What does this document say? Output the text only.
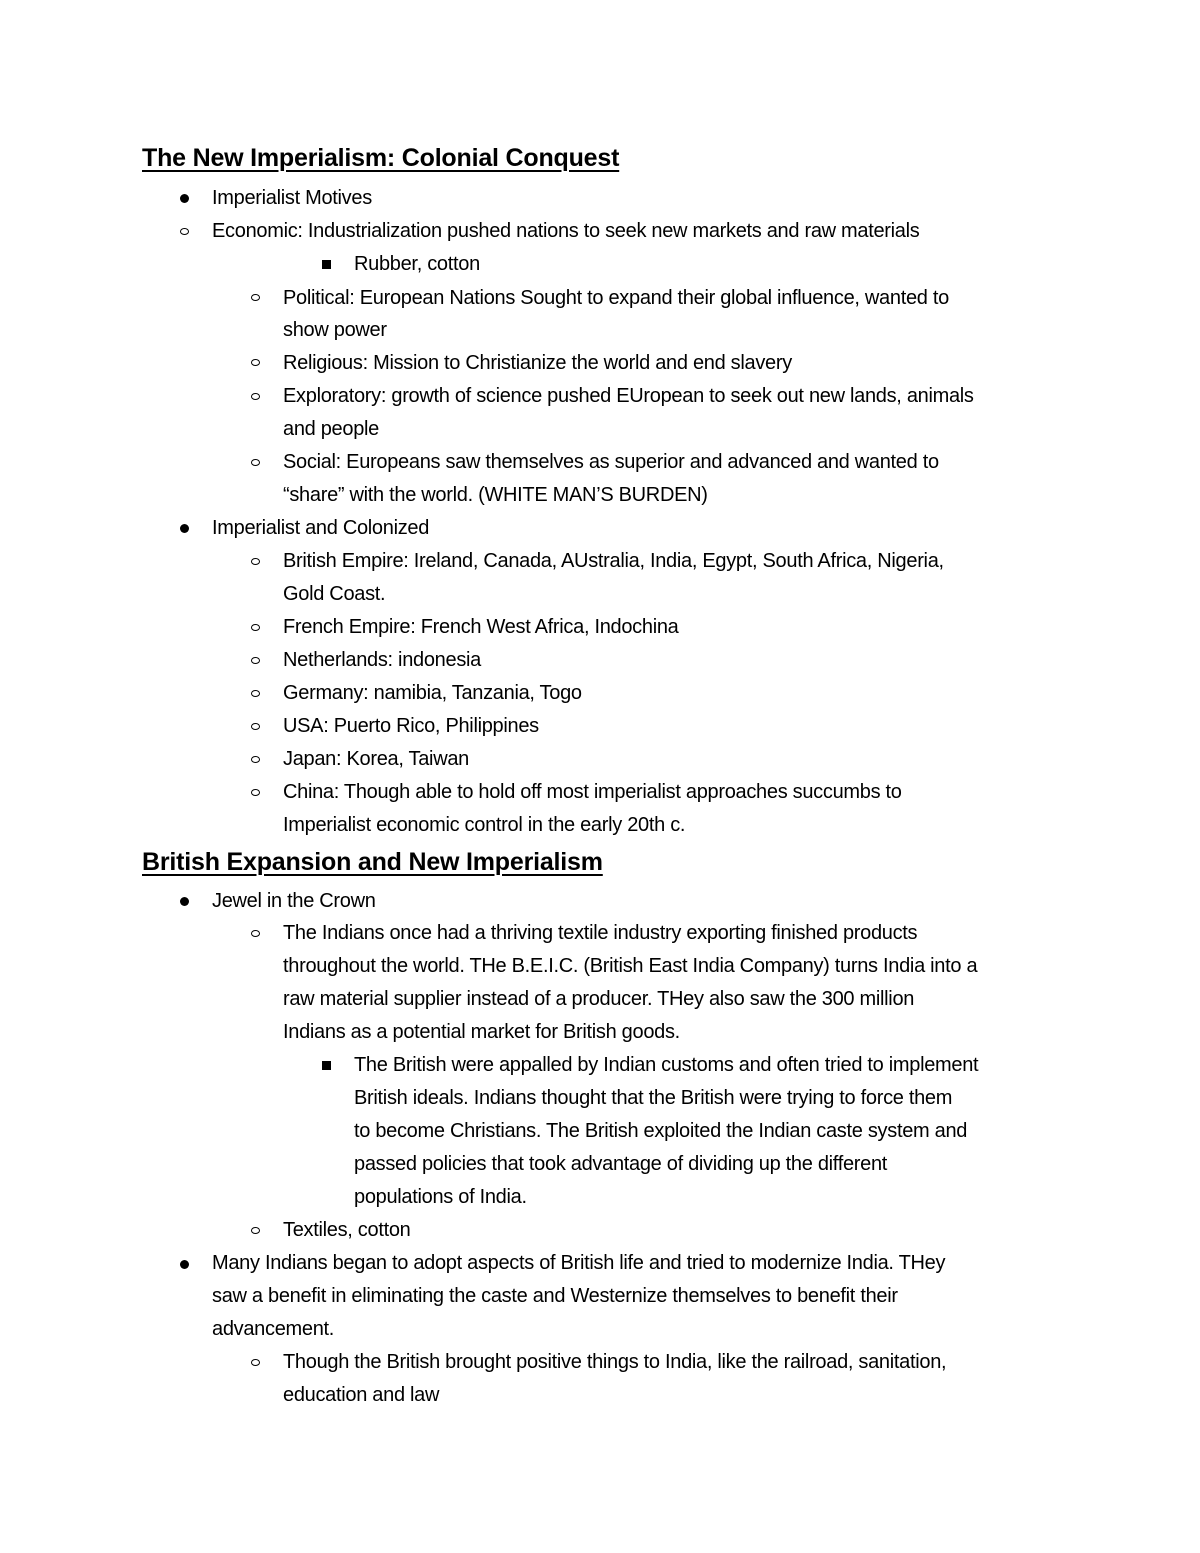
The New Imperialism: Colonial Conquest
Imperialist Motives
Economic: Industrialization pushed nations to seek new markets and raw materials
Rubber, cotton
Political: European Nations Sought to expand their global influence, wanted to
show power
Religious: Mission to Christianize the world and end slavery
Exploratory: growth of science pushed EUropean to seek out new lands, animals
and people
Social: Europeans saw themselves as superior and advanced and wanted to
“share” with the world. (WHITE MAN’S BURDEN)
Imperialist and Colonized
British Empire: Ireland, Canada, AUstralia, India, Egypt, South Africa, Nigeria,
Gold Coast.
French Empire: French West Africa, Indochina
Netherlands: indonesia
Germany: namibia, Tanzania, Togo
USA: Puerto Rico, Philippines
Japan: Korea, Taiwan
China: Though able to hold off most imperialist approaches succumbs to
Imperialist economic control in the early 20th c.
British Expansion and New Imperialism
Jewel in the Crown
The Indians once had a thriving textile industry exporting finished products
throughout the world. THe B.E.I.C. (British East India Company) turns India into a
raw material supplier instead of a producer. THey also saw the 300 million
Indians as a potential market for British goods.
The British were appalled by Indian customs and often tried to implement
British ideals. Indians thought that the British were trying to force them
to become Christians. The British exploited the Indian caste system and
passed policies that took advantage of dividing up the different
populations of India.
Textiles, cotton
Many Indians began to adopt aspects of British life and tried to modernize India. THey
saw a benefit in eliminating the caste and Westernize themselves to benefit their
advancement.
Though the British brought positive things to India, like the railroad, sanitation,
education and law
